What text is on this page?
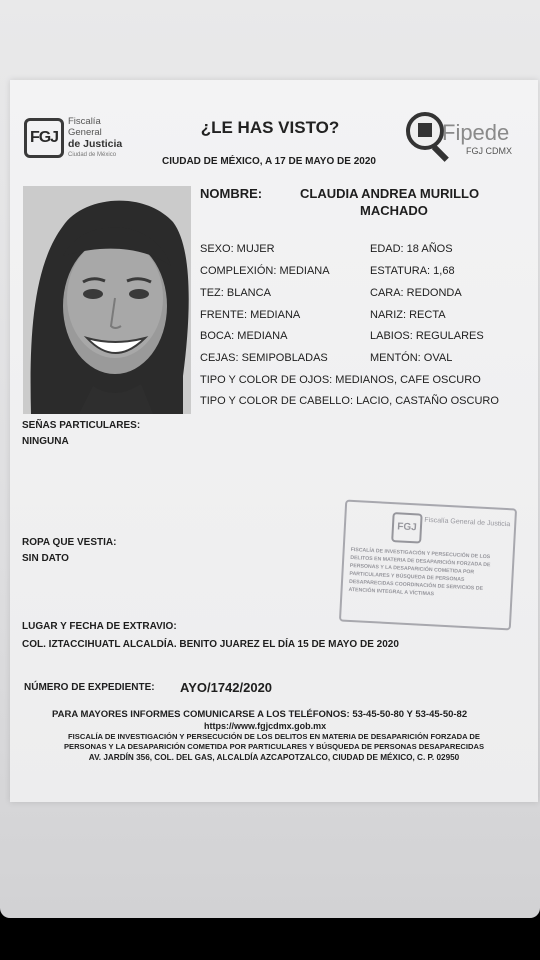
FGJ
Fiscalía
General
de Justicia
Ciudad de México
¿LE HAS VISTO?
CIUDAD DE MÉXICO, A 17 DE MAYO DE 2020
Fipede
FGJ CDMX
NOMBRE:	CLAUDIA ANDREA MURILLO
MACHADO
SEXO: MUJER	EDAD: 18 AÑOS
COMPLEXIÓN: MEDIANA	ESTATURA: 1,68
TEZ: BLANCA	CARA: REDONDA
FRENTE: MEDIANA	NARIZ: RECTA
BOCA: MEDIANA	LABIOS: REGULARES
CEJAS: SEMIPOBLADAS	MENTÓN: OVAL
TIPO Y COLOR DE OJOS: MEDIANOS, CAFE OSCURO
TIPO Y COLOR DE CABELLO: LACIO, CASTAÑO OSCURO
SEÑAS PARTICULARES:
NINGUNA
ROPA QUE VESTIA:
SIN DATO
FGJ	Fiscalía General de Justicia
FISCALÍA DE INVESTIGACIÓN Y PERSECUCIÓN DE LOS DELITOS EN MATERIA DE DESAPARICIÓN FORZADA DE PERSONAS Y LA DESAPARICIÓN COMETIDA POR PARTICULARES Y BÚSQUEDA DE PERSONAS DESAPARECIDAS COORDINACIÓN DE SERVICIOS DE ATENCIÓN INTEGRAL A VÍCTIMAS
LUGAR Y FECHA DE EXTRAVIO:
COL. IZTACCIHUATL ALCALDÍA. BENITO JUAREZ EL DÍA 15 DE MAYO DE 2020
NÚMERO DE EXPEDIENTE: AYO/1742/2020
PARA MAYORES INFORMES COMUNICARSE A LOS TELÉFONOS: 53-45-50-80 Y 53-45-50-82
https://www.fgjcdmx.gob.mx
FISCALÍA DE INVESTIGACIÓN Y PERSECUCIÓN DE LOS DELITOS EN MATERIA DE DESAPARICIÓN FORZADA DE
PERSONAS Y LA DESAPARICIÓN COMETIDA POR PARTICULARES Y BÚSQUEDA DE PERSONAS DESAPARECIDAS
AV. JARDÍN 356, COL. DEL GAS, ALCALDÍA AZCAPOTZALCO, CIUDAD DE MÉXICO, C. P. 02950
